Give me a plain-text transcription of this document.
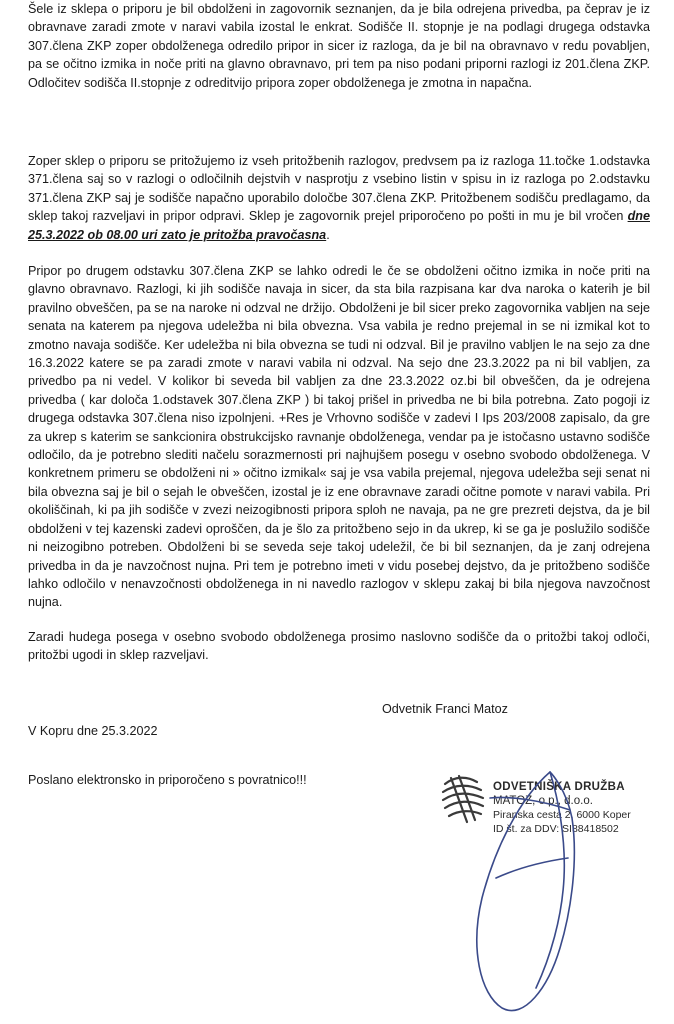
Šele iz sklepa o priporu je bil obdolženi in zagovornik seznanjen, da je bila odrejena privedba, pa čeprav je iz obravnave zaradi zmote v naravi vabila izostal le enkrat. Sodišče II. stopnje je na podlagi drugega odstavka 307.člena ZKP zoper obdolženega odredilo pripor in sicer iz razloga, da je bil na obravnavo v redu povabljen, pa se očitno izmika in noče priti na glavno obravnavo, pri tem pa niso podani priporni razlogi iz 201.člena ZKP. Odločitev sodišča II.stopnje z odreditvijo pripora zoper obdolženega je zmotna in napačna.

Zoper sklep o priporu se pritožujemo iz vseh pritožbenih razlogov, predvsem pa iz razloga 11.točke 1.odstavka 371.člena saj so v razlogi o odločilnih dejstvih v nasprotju z vsebino listin v spisu in iz razloga po 2.odstavku 371.člena ZKP saj je sodišče napačno uporabilo določbe 307.člena ZKP. Pritožbenem sodišču predlagamo, da sklep takoj razveljavi in pripor odpravi. Sklep je zagovornik prejel priporočeno po pošti in mu je bil vročen dne 25.3.2022 ob 08.00 uri zato je pritožba pravočasna.

Pripor po drugem odstavku 307.člena ZKP se lahko odredi le če se obdolženi očitno izmika in noče priti na glavno obravnavo. Razlogi, ki jih sodišče navaja in sicer, da sta bila razpisana kar dva naroka o katerih je bil pravilno obveščen, pa se na naroke ni odzval ne držijo. Obdolženi je bil sicer preko zagovornika vabljen na seje senata na katerem pa njegova udeležba ni bila obvezna. Vsa vabila je redno prejemal in se ni izmikal kot to zmotno navaja sodišče. Ker udeležba ni bila obvezna se tudi ni odzval. Bil je pravilno vabljen le na sejo za dne 16.3.2022 katere se pa zaradi zmote v naravi vabila ni odzval. Na sejo dne 23.3.2022 pa ni bil vabljen, za privedbo pa ni vedel. V kolikor bi seveda bil vabljen za dne 23.3.2022 oz.bi bil obveščen, da je odrejena privedba ( kar določa 1.odstavek 307.člena ZKP ) bi takoj prišel in privedba ne bi bila potrebna. Zato pogoji iz drugega odstavka 307.člena niso izpolnjeni. +Res je Vrhovno sodišče v zadevi I Ips 203/2008 zapisalo, da gre za ukrep s katerim se sankcionira obstrukcijsko ravnanje obdolženega, vendar pa je istočasno ustavno sodišče odločilo, da je potrebno slediti načelu sorazmernosti pri najhujšem posegu v osebno svobodo obdolženega. V konkretnem primeru se obdolženi ni » očitno izmikal« saj je vsa vabila prejemal, njegova udeležba seji senat ni bila obvezna saj je bil o sejah le obveščen, izostal je iz ene obravnave zaradi očitne pomote v naravi vabila. Pri okoliščinah, ki pa jih sodišče v zvezi neizogibnosti pripora sploh ne navaja, pa ne gre prezreti dejstva, da je bil obdolženi v tej kazenski zadevi oproščen, da je šlo za pritožbeno sejo in da ukrep, ki se ga je poslužilo sodišče ni neizogibno potreben. Obdolženi bi se seveda seje takoj udeležil, če bi bil seznanjen, da je zanj odrejena privedba in da je navzočnost nujna. Pri tem je potrebno imeti v vidu posebej dejstvo, da je pritožbeno sodišče lahko odločilo v nenavzočnosti obdolženega in ni navedlo razlogov v sklepu zakaj bi bila njegova navzočnost nujna.

Zaradi hudega posega v osebno svobodo obdolženega prosimo naslovno sodišče da o pritožbi takoj odloči, pritožbi ugodi in sklep razveljavi.

Odvetnik Franci Matoz
V Kopru dne 25.3.2022
Poslano elektronsko in priporočeno s povratnico!!!	ODVETNIŠKA DRUŽBA
MATOZ, o.p., d.o.o.
Piranska cesta 2, 6000 Koper
ID št. za DDV: SI88418502
